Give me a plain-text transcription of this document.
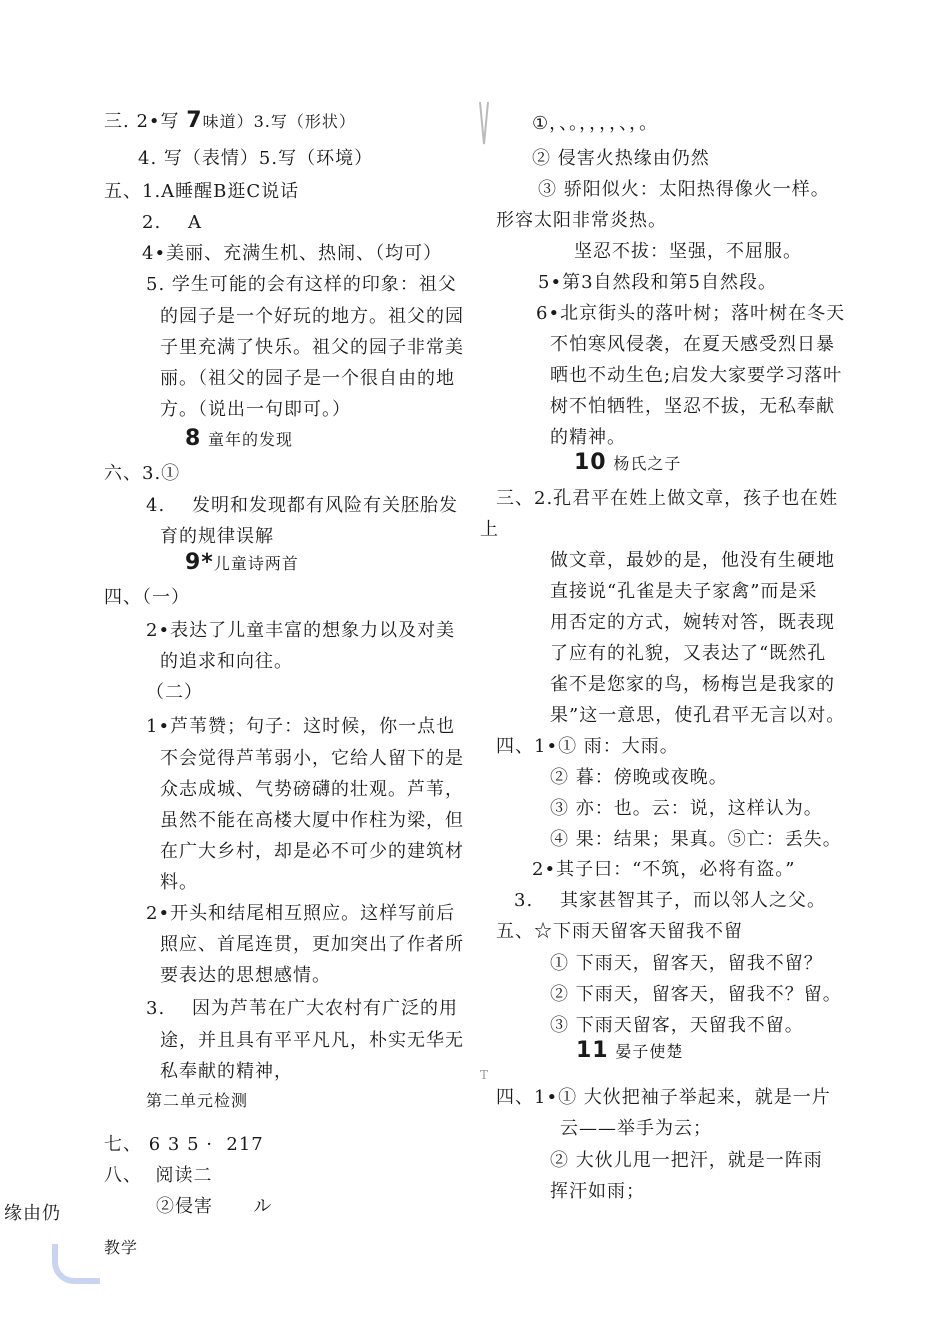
三. 2•写 7味道）3.写（形状）
4. 写（表情）5.写（环境）
五、1.A睡醒B逛C说话
2.    A
4•美丽、充满生机、热闹、（均可）
5. 学生可能的会有这样的印象：祖父
的园子是一个好玩的地方。祖父的园
子里充满了快乐。祖父的园子非常美
丽。（祖父的园子是一个很自由的地
方。（说出一句即可。）
8 童年的发现
六、3.①
4.    发明和发现都有风险有关胚胎发
育的规律误解
9*儿童诗两首
四、（一）
2•表达了儿童丰富的想象力以及对美
的追求和向往。
（二）
1•芦苇赞；句子：这时候，你一点也
不会觉得芦苇弱小，它给人留下的是
众志成城、气势磅礴的壮观。芦苇，
虽然不能在高楼大厦中作柱为梁，但
在广大乡村，却是必不可少的建筑材
料。
2•开头和结尾相互照应。这样写前后
照应、首尾连贯，更加突出了作者所
要表达的思想感情。
3.    因为芦苇在广大农村有广泛的用
途，并且具有平平凡凡，朴实无华无
私奉献的精神，
第二单元检测
七、 6 3 5 ·  217
八、  阅读二
②侵害      ル
缘由仍
教学
①，、。，，，，、，。
② 侵害火热缘由仍然
③ 骄阳似火：太阳热得像火一样。
形容太阳非常炎热。
坚忍不拔：坚强，不屈服。
5•第3自然段和第5自然段。
6•北京街头的落叶树；落叶树在冬天
不怕寒风侵袭，在夏天感受烈日暴
晒也不动生色;启发大家要学习落叶
树不怕牺牲，坚忍不拔，无私奉献
的精神。
10 杨氏之子
三、2.孔君平在姓上做文章，孩子也在姓
上
做文章，最妙的是，他没有生硬地
直接说“孔雀是夫子家禽”而是采
用否定的方式，婉转对答，既表现
了应有的礼貌，又表达了“既然孔
雀不是您家的鸟，杨梅岂是我家的
果”这一意思，使孔君平无言以对。
四、1•① 雨：大雨。
② 暮：傍晚或夜晚。
③ 亦：也。云：说，这样认为。
④ 果：结果；果真。⑤亡：丢失。
2•其子曰：“不筑，必将有盗。”
3.    其家甚智其子，而以邻人之父。
五、☆下雨天留客天留我不留
① 下雨天，留客天，留我不留？
② 下雨天，留客天，留我不？留。
③ 下雨天留客，天留我不留。
11 晏子使楚
T
四、1•① 大伙把袖子举起来，就是一片
云——举手为云；
② 大伙儿甩一把汗，就是一阵雨
挥汗如雨；
